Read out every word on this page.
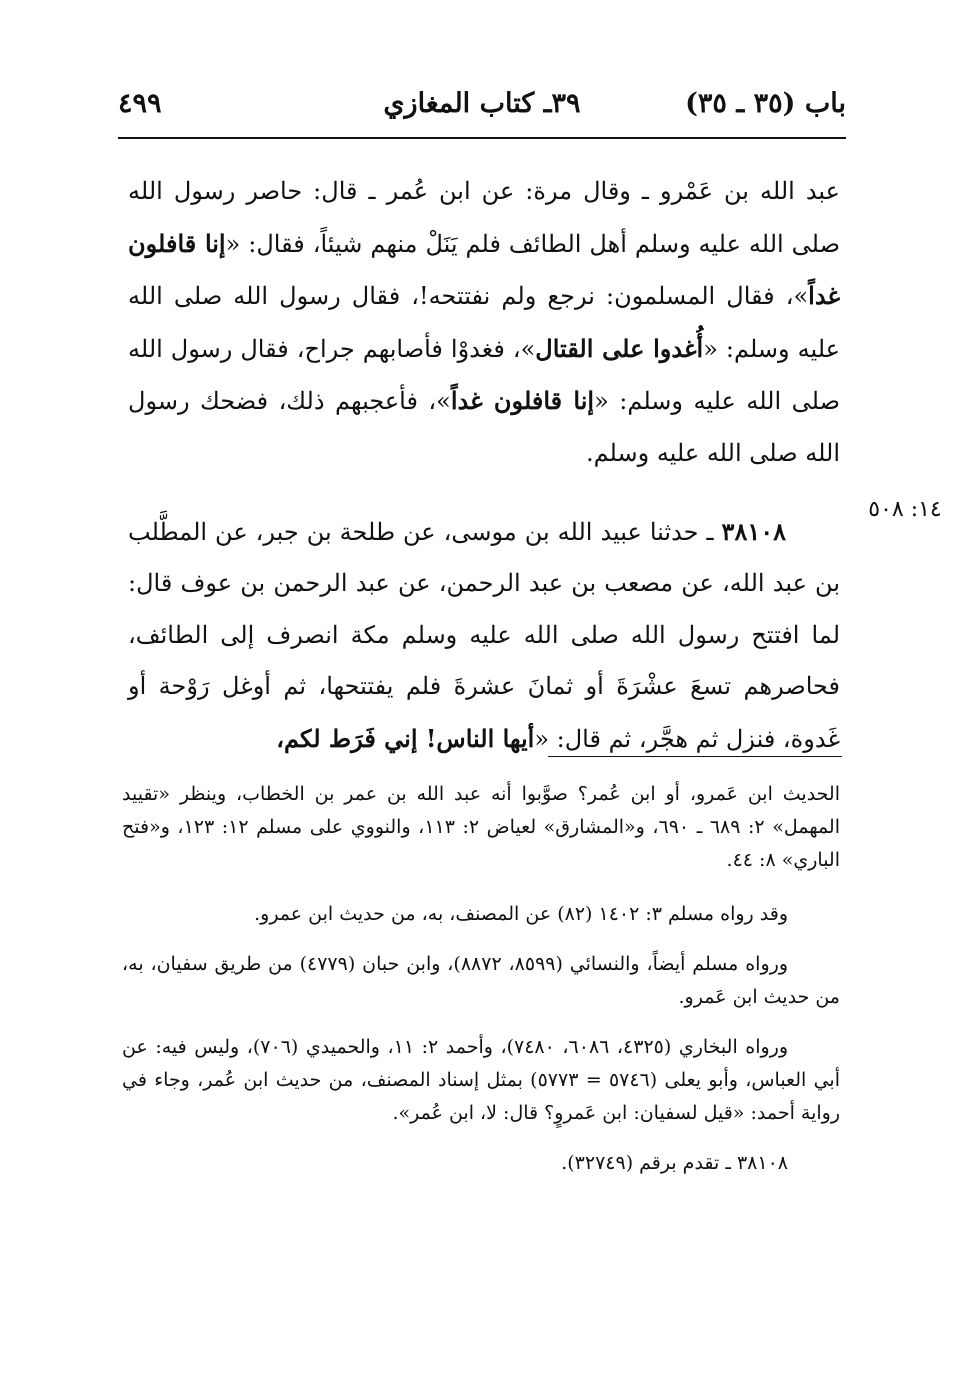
باب (٣٥ ـ ٣٥)
٣٩ـ كتاب المغازي
٤٩٩

عبد الله بن عَمْرو ـ وقال مرة: عن ابن عُمر ـ قال: حاصر رسول الله صلى الله عليه وسلم أهل الطائف فلم يَنَلْ منهم شيئاً، فقال: «إنا قافلون غداً»، فقال المسلمون: نرجع ولم نفتتحه!، فقال رسول الله صلى الله عليه وسلم: «أُغدوا على القتال»، فغدوْا فأصابهم جراح، فقال رسول الله صلى الله عليه وسلم: «إنا قافلون غداً»، فأعجبهم ذلك، فضحك رسول الله صلى الله عليه وسلم.

٣٨١٠٨ ـ حدثنا عبيد الله بن موسى، عن طلحة بن جبر، عن المطَّلب بن عبد الله، عن مصعب بن عبد الرحمن، عن عبد الرحمن بن عوف قال: لما افتتح رسول الله صلى الله عليه وسلم مكة انصرف إلى الطائف، فحاصرهم تسعَ عشْرَةَ أو ثمانَ عشرةَ فلم يفتتحها، ثم أوغل رَوْحة أو غَدوة، فنزل ثم هجَّر، ثم قال: «أيها الناس! إني فَرَط لكم،

١٤: ٥٠٨

الحديث ابن عَمرو، أو ابن عُمر؟ صوَّبوا أنه عبد الله بن عمر بن الخطاب، وينظر «تقييد المهمل» ٢: ٦٨٩ ـ ٦٩٠، و«المشارق» لعياض ٢: ١١٣، والنووي على مسلم ١٢: ١٢٣، و«فتح الباري» ٨: ٤٤.

وقد رواه مسلم ٣: ١٤٠٢ (٨٢) عن المصنف، به، من حديث ابن عمرو.

ورواه مسلم أيضاً، والنسائي (٨٥٩٩، ٨٨٧٢)، وابن حبان (٤٧٧٩) من طريق سفيان، به، من حديث ابن عَمرو.

ورواه البخاري (٤٣٢٥، ٦٠٨٦، ٧٤٨٠)، وأحمد ٢: ١١، والحميدي (٧٠٦)، وليس فيه: عن أبي العباس، وأبو يعلى (٥٧٤٦ = ٥٧٧٣) بمثل إسناد المصنف، من حديث ابن عُمر، وجاء في رواية أحمد: «قيل لسفيان: ابن عَمروٍ؟ قال: لا، ابن عُمر».

٣٨١٠٨ ـ تقدم برقم (٣٢٧٤٩).
